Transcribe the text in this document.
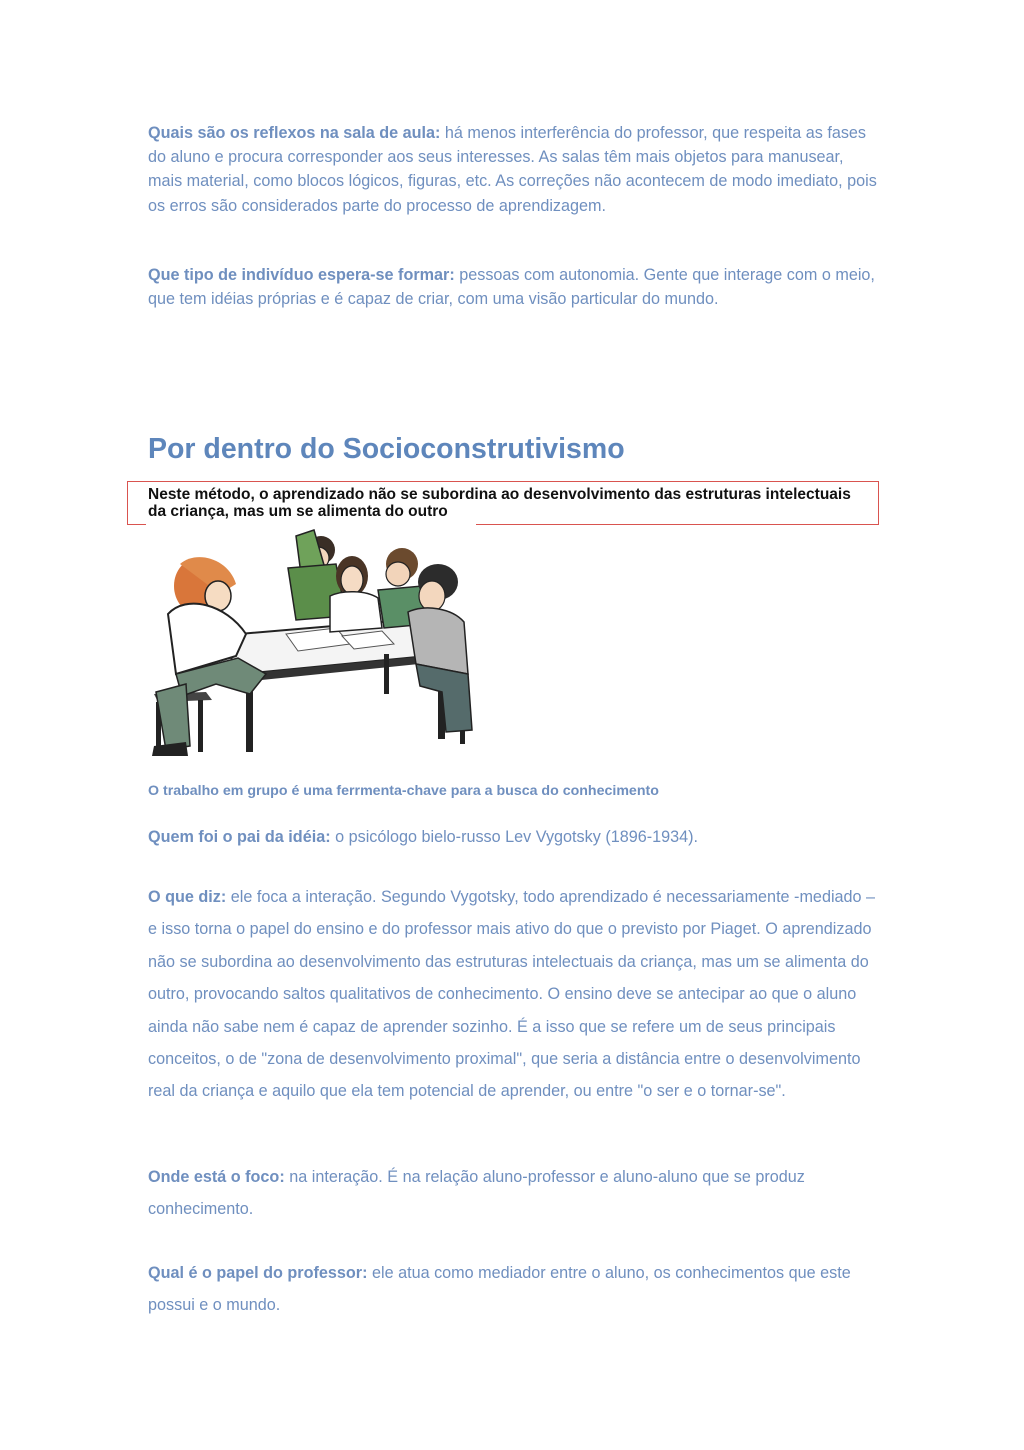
Quais são os reflexos na sala de aula: há menos interferência do professor, que respeita as fases do aluno e procura corresponder aos seus interesses. As salas têm mais objetos para manusear, mais material, como blocos lógicos, figuras, etc. As correções não acontecem de modo imediato, pois os erros são considerados parte do processo de aprendizagem.

Que tipo de indivíduo espera-se formar: pessoas com autonomia. Gente que interage com o meio, que tem idéias próprias e é capaz de criar, com uma visão particular do mundo.

Por dentro do Socioconstrutivismo
Neste método, o aprendizado não se subordina ao desenvolvimento das estruturas intelectuais da criança, mas um se alimenta do outro
O trabalho em grupo é uma ferrmenta-chave para a busca do conhecimento

Quem foi o pai da idéia: o psicólogo bielo-russo Lev Vygotsky (1896-1934).

O que diz: ele foca a interação. Segundo Vygotsky, todo aprendizado é necessariamente -mediado – e isso torna o papel do ensino e do professor mais ativo do que o previsto por Piaget. O aprendizado não se subordina ao desenvolvimento das estruturas intelectuais da criança, mas um se alimenta do outro, provocando saltos qualitativos de conhecimento. O ensino deve se antecipar ao que o aluno ainda não sabe nem é capaz de aprender sozinho. É a isso que se refere um de seus principais conceitos, o de "zona de desenvolvimento proximal", que seria a distância entre o desenvolvimento real da criança e aquilo que ela tem potencial de aprender, ou entre "o ser e o tornar-se".

Onde está o foco: na interação. É na relação aluno-professor e aluno-aluno que se produz conhecimento.

Qual é o papel do professor: ele atua como mediador entre o aluno, os conhecimentos que este possui e o mundo.
